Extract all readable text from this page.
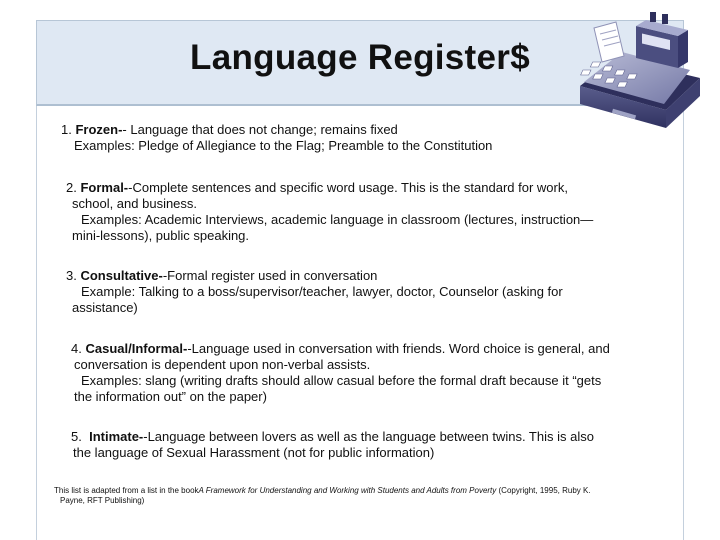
Language Register$
1. Frozen-- Language that does not change; remains fixed
Examples: Pledge of Allegiance to the Flag; Preamble to the Constitution
2. Formal--Complete sentences and specific word usage. This is the standard for work,
school, and business.
Examples: Academic Interviews, academic language in classroom (lectures, instruction—
mini-lessons), public speaking.
3. Consultative--Formal register used in conversation
Example: Talking to a boss/supervisor/teacher, lawyer, doctor, Counselor (asking for
assistance)
4. Casual/Informal--Language used in conversation with friends. Word choice is general, and
conversation is dependent upon non-verbal assists.
Examples: slang (writing drafts should allow casual before the formal draft because it “gets
the information out” on the paper)
5. Intimate--Language between lovers as well as the language between twins. This is also
the language of Sexual Harassment (not for public information)
This list is adapted from a list in the bookA Framework for Understanding and Working with Students and Adults from Poverty (Copyright, 1995, Ruby K.
Payne, RFT Publishing)
